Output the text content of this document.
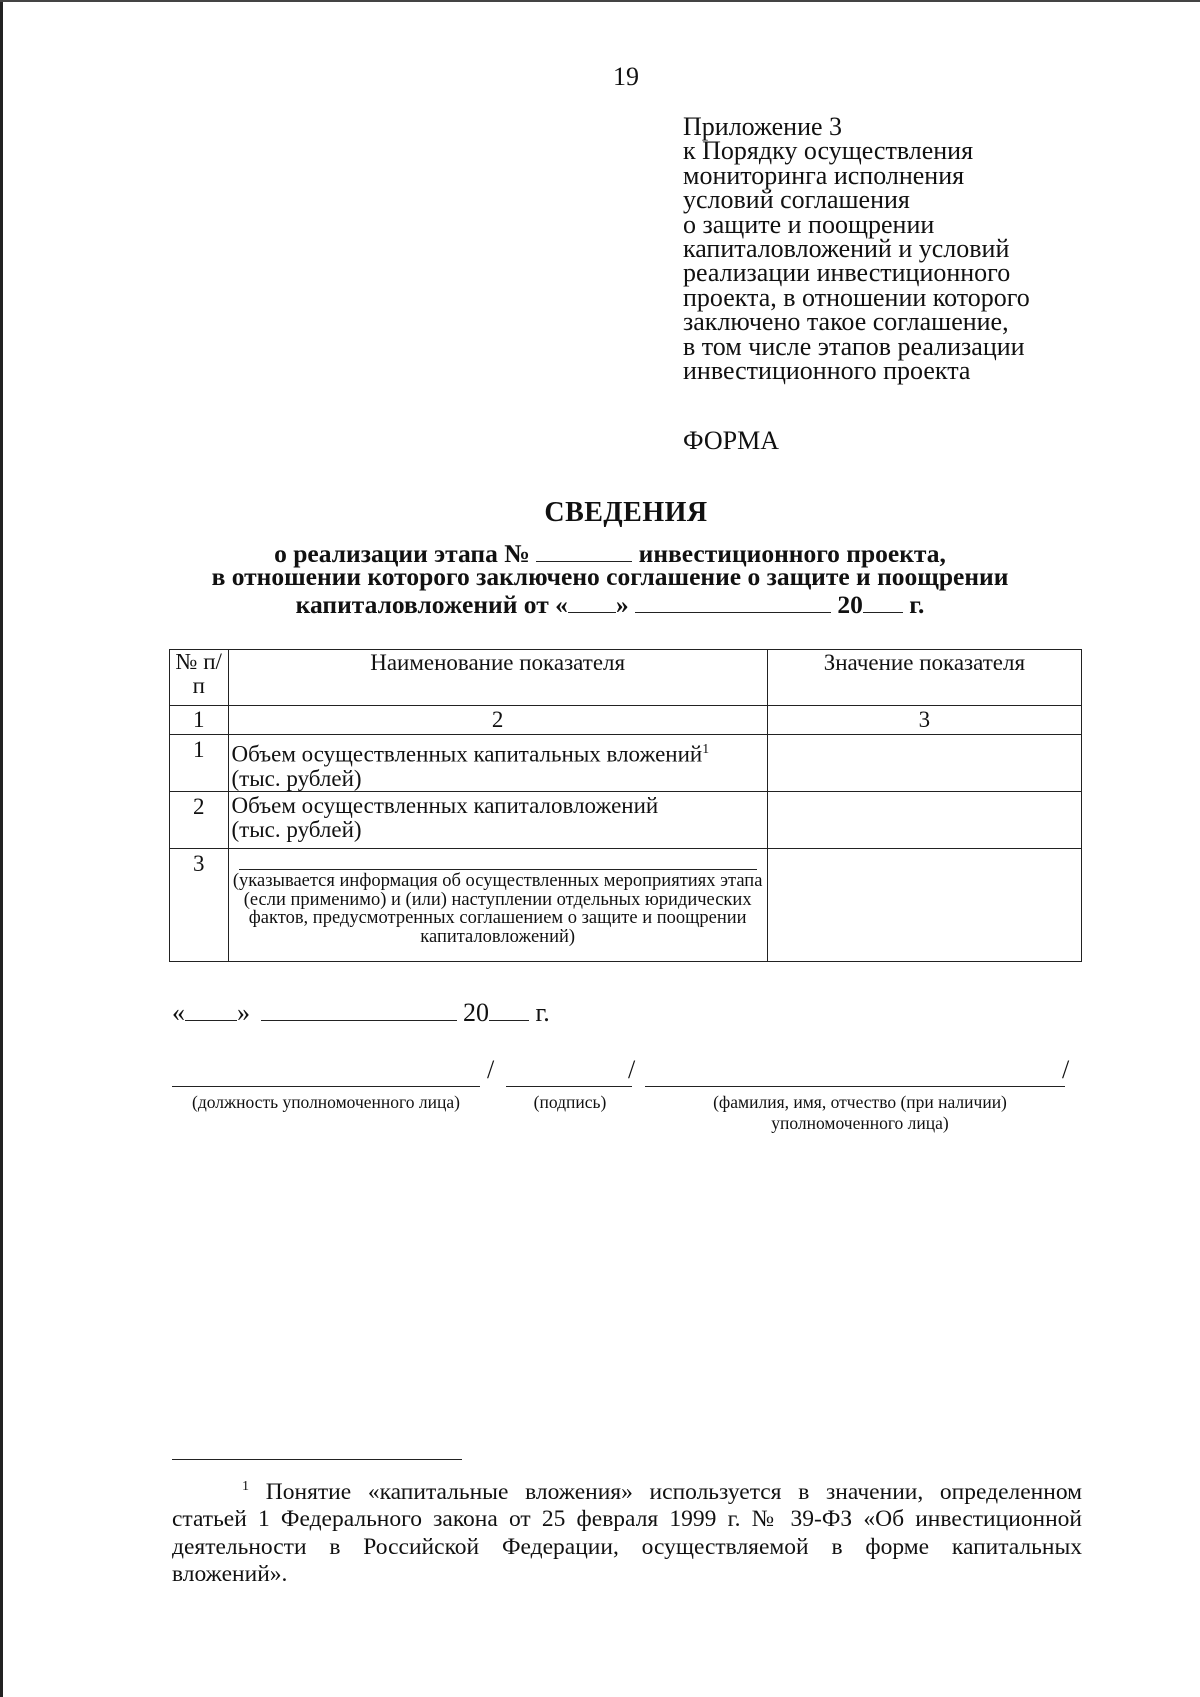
19
Приложение 3
к Порядку осуществления
мониторинга исполнения
условий соглашения
о защите и поощрении
капиталовложений и условий
реализации инвестиционного
проекта, в отношении которого
заключено такое соглашение,
в том числе этапов реализации
инвестиционного проекта
ФОРМА
СВЕДЕНИЯ
о реализации этапа №	инвестиционного проекта,
в отношении которого заключено соглашение о защите и поощрении
капиталовложений от « »	20 г.
№ п/п	Наименование показателя	Значение показателя
1	2	3
1	Объем осуществленных капитальных вложений$^1$
(тыс. рублей)	
2	Объем осуществленных капиталовложений
(тыс. рублей)	
3	(указывается информация об осуществленных мероприятиях этапа (если применимо) и (или) наступлении отдельных юридических фактов, предусмотренных соглашением о защите и поощрении капиталовложений)	

« »	20 г.
/	/	/
(должность уполномоченного лица)	(подпись)	(фамилия, имя, отчество (при наличии) уполномоченного лица)
$^1$ Понятие «капитальные вложения» используется в значении, определенном статьей 1 Федерального закона от 25 февраля 1999 г. № 39-ФЗ «Об инвестиционной деятельности в Российской Федерации, осуществляемой в форме капитальных вложений».
